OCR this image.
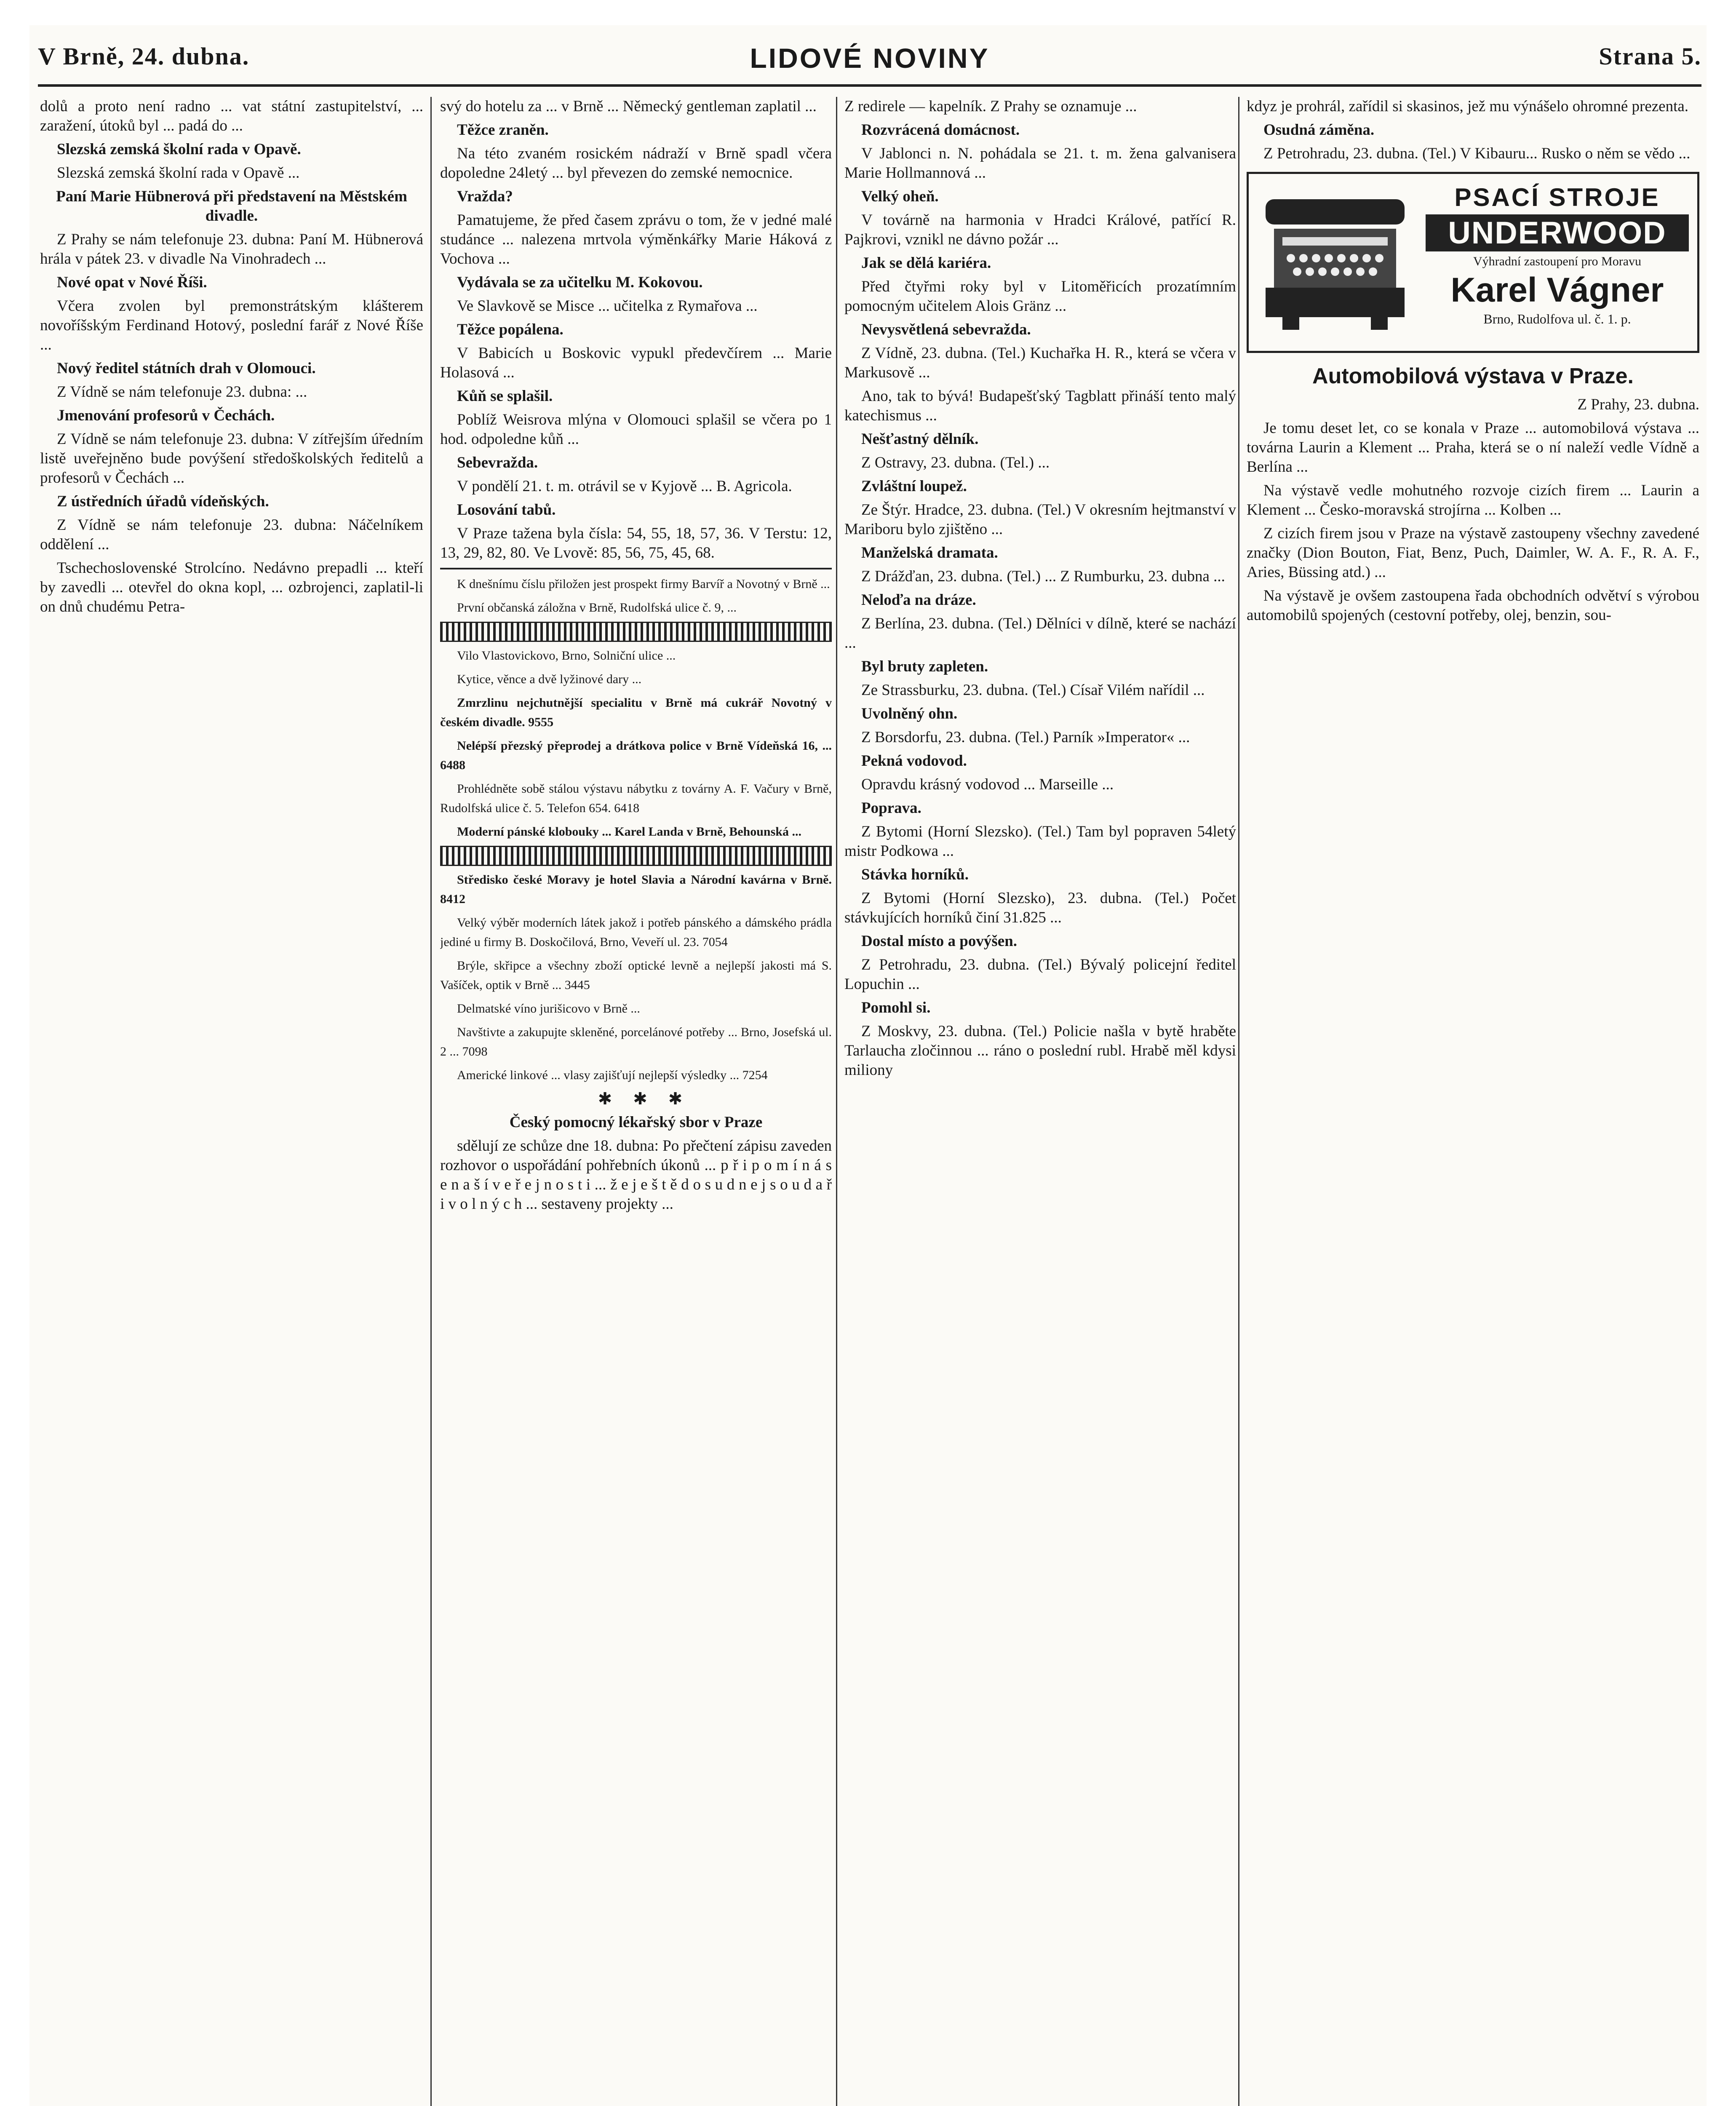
V Brně, 24. dubna.	LIDOVÉ NOVINY	Strana 5.

dolů a proto není radno ... vat státní zastupitelství, ... zaražení, útoků byl ... padá do ...

Slezská zemská školní rada v Opavě.

Slezská zemská školní rada v Opavě ...

Paní Marie Hübnerová při představení na Městském divadle.

Z Prahy se nám telefonuje 23. dubna: Paní M. Hübnerová hrála v pátek 23. v divadle Na Vinohradech ...

Nové opat v Nové Říši.

Včera zvolen byl premonstrátským klášterem novoříšským Ferdinand Hotový, poslední farář z Nové Říše ...

Nový ředitel státních drah v Olomouci.

Z Vídně se nám telefonuje 23. dubna: ...

Jmenování profesorů v Čechách.

Z Vídně se nám telefonuje 23. dubna: V zítřejším úředním listě uveřejněno bude povýšení středoškolských ředitelů a profesorů v Čechách ...

Z ústředních úřadů vídeňských.

Z Vídně se nám telefonuje 23. dubna: Náčelníkem oddělení ...

Tschechoslovenské Strolcíno. Nedávno prepadli ... kteří by zavedli ... otevřel do okna kopl, ... ozbrojenci, zaplatil-li on dnů chudému Petra-

svý do hotelu za ... v Brně ... Německý gentleman zaplatil ...

Těžce zraněn.

Na této zvaném rosickém nádraží v Brně spadl včera dopoledne 24letý ... byl převezen do zemské nemocnice.

Vražda?

Pamatujeme, že před časem zprávu o tom, že v jedné malé studánce ... nalezena mrtvola výměnkářky Marie Háková z Vochova ...

Vydávala se za učitelku M. Kokovou.

Ve Slavkově se Misce ... učitelka z Rymařova ...

Těžce popálena.

V Babicích u Boskovic vypukl předevčírem ... Marie Holasová ...

Kůň se splašil.

Poblíž Weisrova mlýna v Olomouci splašil se včera po 1 hod. odpoledne kůň ...

Sebevražda.

V pondělí 21. t. m. otrávil se v Kyjově ... B. Agricola.

Losování tabů.

V Praze tažena byla čísla: 54, 55, 18, 57, 36. V Terstu: 12, 13, 29, 82, 80. Ve Lvově: 85, 56, 75, 45, 68.

K dnešnímu číslu přiložen jest prospekt firmy Barvíř a Novotný v Brně ...

První občanská záložna v Brně, Rudolfská ulice č. 9, ...

Vilo Vlastovickovo, Brno, Solniční ulice ...

Kytice, věnce a dvě lyžinové dary ...

Zmrzlinu nejchutnější specialitu v Brně má cukrář Novotný v českém divadle. 9555

Nelépší přezský přeprodej a drátkova police v Brně Vídeňská 16, ... 6488

Prohlédněte sobě stálou výstavu nábytku z továrny A. F. Vačury v Brně, Rudolfská ulice č. 5. Telefon 654. 6418

Moderní pánské klobouky ... Karel Landa v Brně, Behounská ...

Středisko české Moravy je hotel Slavia a Národní kavárna v Brně. 8412

Velký výběr moderních látek jakož i potřeb pánského a dámského prádla jediné u firmy B. Doskočilová, Brno, Veveří ul. 23. 7054

Brýle, skřipce a všechny zboží optické levně a nejlepší jakosti má S. Vašíček, optik v Brně ... 3445

Delmatské víno jurišicovo v Brně ...

Navštivte a zakupujte skleněné, porcelánové potřeby ... Brno, Josefská ul. 2 ... 7098

Americké linkové ... vlasy zajišťují nejlepší výsledky ... 7254

✱ ✱ ✱

Český pomocný lékařský sbor v Praze

sdělují ze schůze dne 18. dubna: Po přečtení zápisu zaveden rozhovor o uspořádání pohřebních úkonů ... p ř i p o m í n á s e n a š í v e ř e j n o s t i ... ž e j e š t ě d o s u d n e j s o u d a ř i v o l n ý c h ... sestaveny projekty ...

Z redirele — kapelník. Z Prahy se oznamuje ...

Rozvrácená domácnost.

V Jablonci n. N. pohádala se 21. t. m. žena galvanisera Marie Hollmannová ...

Velký oheň.

V továrně na harmonia v Hradci Králové, patřící R. Pajkrovi, vznikl ne dávno požár ...

Jak se dělá kariéra.

Před čtyřmi roky byl v Litoměřicích prozatímním pomocným učitelem Alois Gränz ...

Nevysvětlená sebevražda.

Z Vídně, 23. dubna. (Tel.) Kuchařka H. R., která se včera v Markusově ...

Ano, tak to bývá! Budapešťský Tagblatt přináší tento malý katechismus ...

Nešťastný dělník.

Z Ostravy, 23. dubna. (Tel.) ...

Zvláštní loupež.

Ze Štýr. Hradce, 23. dubna. (Tel.) V okresním hejtmanství v Mariboru bylo zjištěno ...

Manželská dramata.

Z Drážďan, 23. dubna. (Tel.) ... Z Rumburku, 23. dubna ...

Neloďa na dráze.

Z Berlína, 23. dubna. (Tel.) Dělníci v dílně, které se nachází ...

Byl bruty zapleten.

Ze Strassburku, 23. dubna. (Tel.) Císař Vilém nařídil ...

Uvolněný ohn.

Z Borsdorfu, 23. dubna. (Tel.) Parník »Imperator« ...

Pekná vodovod.

Opravdu krásný vodovod ... Marseille ...

Poprava.

Z Bytomi (Horní Slezsko). (Tel.) Tam byl popraven 54letý mistr Podkowa ...

Stávka horníků.

Z Bytomi (Horní Slezsko), 23. dubna. (Tel.) Počet stávkujících horníků činí 31.825 ...

Dostal místo a povýšen.

Z Petrohradu, 23. dubna. (Tel.) Bývalý policejní ředitel Lopuchin ...

Pomohl si.

Z Moskvy, 23. dubna. (Tel.) Policie našla v bytě hraběte Tarlaucha zločinnou ... ráno o poslední rubl. Hrabě měl kdysi miliony

kdyz je prohrál, zařídil si skasinos, jež mu výnášelo ohromné prezenta.

Osudná záměna.

Z Petrohradu, 23. dubna. (Tel.) V Kibauru... Rusko o něm se vědo ...

PSACÍ STROJE
UNDERWOOD
Výhradní zastoupení pro Moravu
Karel Vágner
Brno, Rudolfova ul. č. 1. p.
Automobilová výstava v Praze.

Z Prahy, 23. dubna.

Je tomu deset let, co se konala v Praze ... automobilová výstava ... továrna Laurin a Klement ... Praha, která se o ní naleží vedle Vídně a Berlína ...

Na výstavě vedle mohutného rozvoje cizích firem ... Laurin a Klement ... Česko-moravská strojírna ... Kolben ...

Z cizích firem jsou v Praze na výstavě zastoupeny všechny zavedené značky (Dion Bouton, Fiat, Benz, Puch, Daimler, W. A. F., R. A. F., Aries, Büssing atd.) ...

Na výstavě je ovšem zastoupena řada obchodních odvětví s výrobou automobilů spojených (cestovní potřeby, olej, benzin, sou-
